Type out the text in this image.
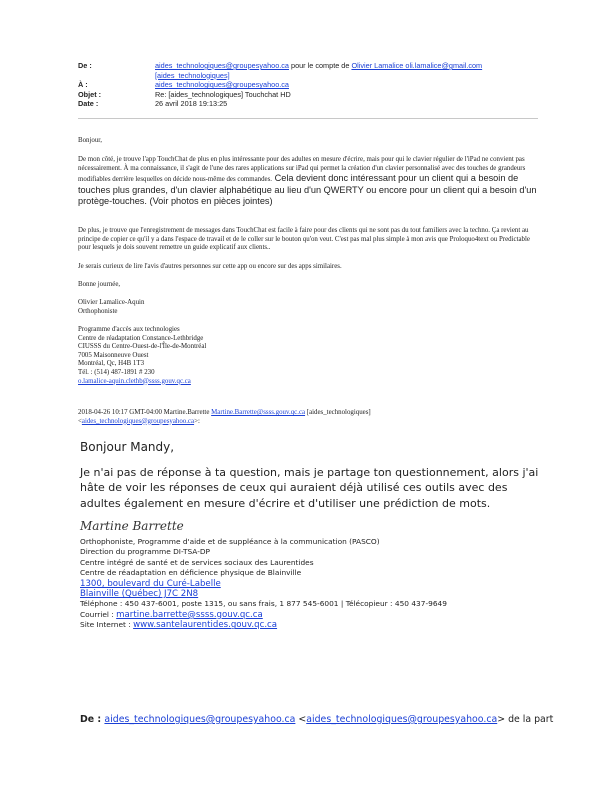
De :	aides_technologiques@groupesyahoo.ca pour le compte de Olivier Lamalice oli.lamalice@gmail.com
[aides_technologiques]
À :	aides_technologiques@groupesyahoo.ca
Objet :	Re: [aides_technologiques] Touchchat HD
Date :	26 avril 2018 19:13:25
Bonjour,
De mon côté, je trouve l'app TouchChat de plus en plus intéressante pour des adultes en mesure d'écrire, mais pour qui le clavier régulier de l'iPad ne convient pas nécessairement. À ma connaissance, il s'agit de l'une des rares applications sur iPad qui permet la création d'un clavier personnalisé avec des touches de grandeurs modifiables derrière lesquelles on décide nous-même des commandes. Cela devient donc intéressant pour un client qui a besoin de touches plus grandes, d'un clavier alphabétique au lieu d'un QWERTY ou encore pour un client qui a besoin d'un protège-touches. (Voir photos en pièces jointes)
De plus, je trouve que l'enregistrement de messages dans TouchChat est facile à faire pour des clients qui ne sont pas du tout familiers avec la techno. Ça revient au principe de copier ce qu'il y a dans l'espace de travail et de le coller sur le bouton qu'on veut. C'est pas mal plus simple à mon avis que Proloquo4text ou Predictable pour lesquels je dois souvent remettre un guide explicatif aux clients..
Je serais curieux de lire l'avis d'autres personnes sur cette app ou encore sur des apps similaires.
Bonne journée,
Olivier Lamalice-Aquin
Orthophoniste
Programme d'accès aux technologies
Centre de réadaptation Constance-Lethbridge
CIUSSS du Centre-Ouest-de-l'Île-de-Montréal
7005 Maisonneuve Ouest
Montréal, Qc, H4B 1T3
Tél. : (514) 487-1891 # 230
o.lamalice-aquin.clethb@ssss.gouv.qc.ca
2018-04-26 10:17 GMT-04:00 Martine.Barrette Martine.Barrette@ssss.gouv.qc.ca [aides_technologiques]
<aides_technologiques@groupesyahoo.ca>:
Bonjour Mandy,
Je n'ai pas de réponse à ta question, mais je partage ton questionnement, alors j'ai hâte de voir les réponses de ceux qui auraient déjà utilisé ces outils avec des adultes également en mesure d'écrire et d'utiliser une prédiction de mots.
Martine Barrette
Orthophoniste, Programme d'aide et de suppléance à la communication (PASCO)
Direction du programme DI-TSA-DP
Centre intégré de santé et de services sociaux des Laurentides
Centre de réadaptation en déficience physique de Blainville
1300, boulevard du Curé-Labelle
Blainville (Québec) J7C 2N8
Téléphone : 450 437-6001, poste 1315, ou sans frais, 1 877 545-6001 | Télécopieur : 450 437-9649
Courriel : martine.barrette@ssss.gouv.qc.ca
Site Internet : www.santelaurentides.gouv.qc.ca
De : aides_technologiques@groupesyahoo.ca <aides_technologiques@groupesyahoo.ca> de la part
